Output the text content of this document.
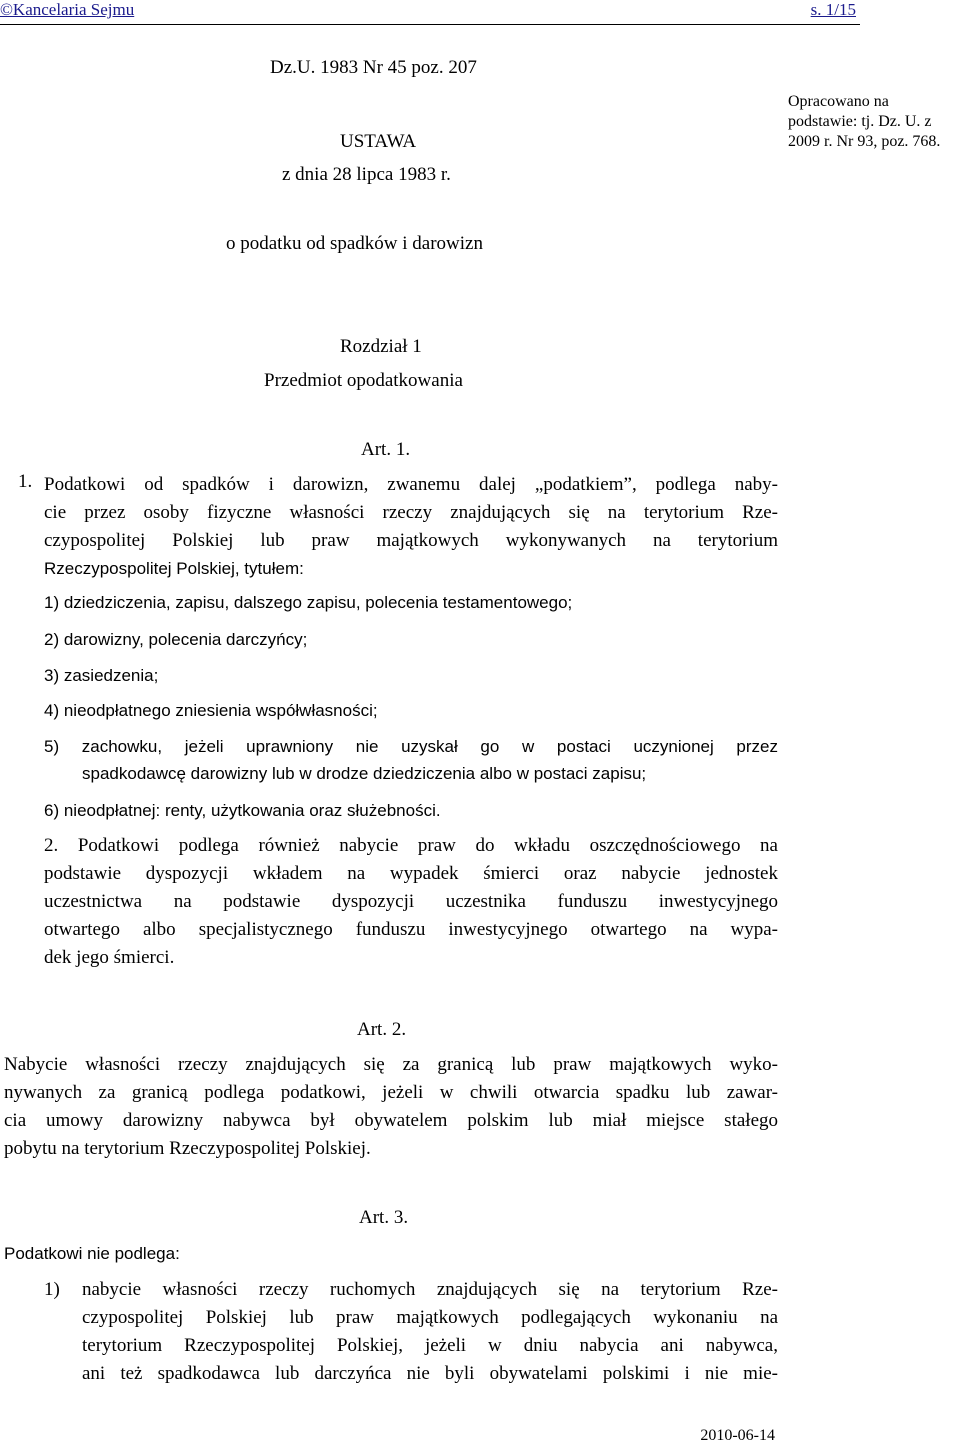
©Kancelaria Sejmu	s. 1/15
Dz.U. 1983 Nr 45 poz. 207
USTAWA
z dnia 28 lipca 1983 r.
o podatku od spadków i darowizn
Opracowano na podstawie: tj. Dz. U. z 2009 r. Nr 93, poz. 768.
Rozdział 1
Przedmiot opodatkowania
Art. 1.
1. Podatkowi od spadków i darowizn, zwanemu dalej „podatkiem”, podlega naby-
cie przez osoby fizyczne własności rzeczy znajdujących się na terytorium Rze-
czypospolitej Polskiej lub praw majątkowych wykonywanych na terytorium
Rzeczypospolitej Polskiej, tytułem:
1) dziedziczenia, zapisu, dalszego zapisu, polecenia testamentowego;
2) darowizny, polecenia darczyńcy;
3) zasiedzenia;
4) nieodpłatnego zniesienia współwłasności;
5) zachowku, jeżeli uprawniony nie uzyskał go w postaci uczynionej przez
spadkodawcę darowizny lub w drodze dziedziczenia albo w postaci zapisu;
6) nieodpłatnej: renty, użytkowania oraz służebności.
2. Podatkowi podlega również nabycie praw do wkładu oszczędnościowego na
podstawie dyspozycji wkładem na wypadek śmierci oraz nabycie jednostek
uczestnictwa na podstawie dyspozycji uczestnika funduszu inwestycyjnego
otwartego albo specjalistycznego funduszu inwestycyjnego otwartego na wypa-
dek jego śmierci.
Art. 2.
Nabycie własności rzeczy znajdujących się za granicą lub praw majątkowych wyko-
nywanych za granicą podlega podatkowi, jeżeli w chwili otwarcia spadku lub zawar-
cia umowy darowizny nabywca był obywatelem polskim lub miał miejsce stałego
pobytu na terytorium Rzeczypospolitej Polskiej.
Art. 3.
Podatkowi nie podlega:
1) nabycie własności rzeczy ruchomych znajdujących się na terytorium Rze-
czypospolitej Polskiej lub praw majątkowych podlegających wykonaniu na
terytorium Rzeczypospolitej Polskiej, jeżeli w dniu nabycia ani nabywca,
ani też spadkodawca lub darczyńca nie byli obywatelami polskimi i nie mie-
2010-06-14
